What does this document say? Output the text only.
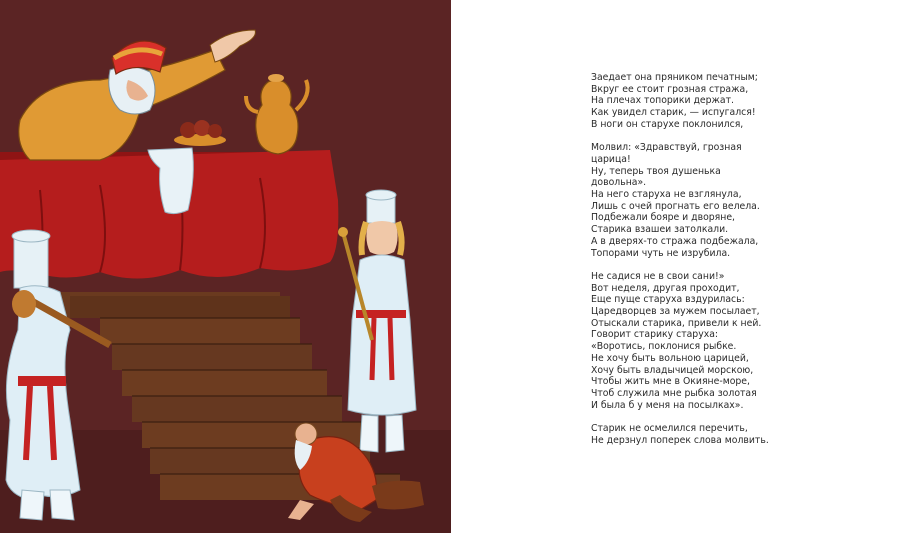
Заедает она пряником печатным;
Вкруг ее стоит грозная стража,
На плечах топорики держат.
Как увидел старик, — испугался!
В ноги он старухе поклонился,
Молвил: «Здравствуй, грозная
царица!
Ну, теперь твоя душенька
довольна».
На него старуха не взглянула,
Лишь с очей прогнать его велела.
Подбежали бояре и дворяне,
Старика взашеи затолкали.
А в дверях-то стража подбежала,
Топорами чуть не изрубила.
Не садися не в свои сани!»
Вот неделя, другая проходит,
Еще пуще старуха вздурилась:
Царедворцев за мужем посылает,
Отыскали старика, привели к ней.
Говорит старику старуха:
«Воротись, поклонися рыбке.
Не хочу быть вольною царицей,
Хочу быть владычицей морскою,
Чтобы жить мне в Окияне-море,
Чтоб служила мне рыбка золотая
И была б у меня на посылках».
Старик не осмелился перечить,
Не дерзнул поперек слова молвить.
